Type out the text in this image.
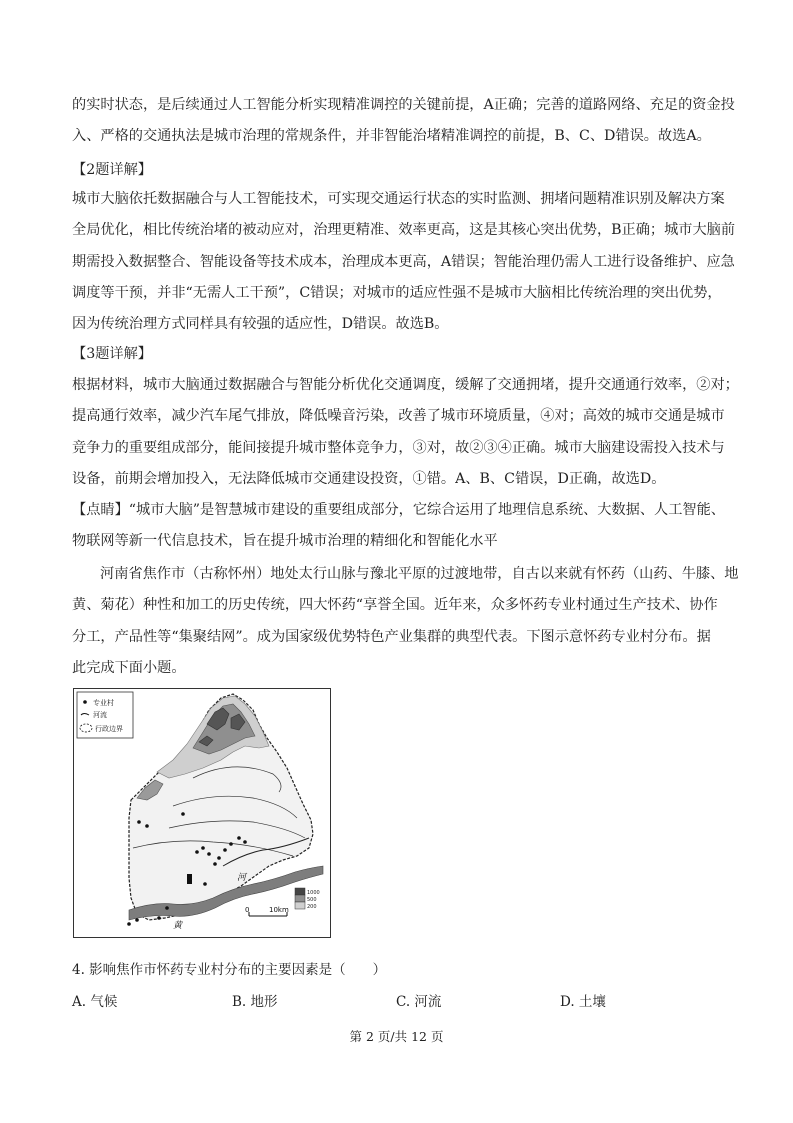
的实时状态，是后续通过人工智能分析实现精准调控的关键前提，A正确；完善的道路网络、充足的资金投
入、严格的交通执法是城市治理的常规条件，并非智能治堵精准调控的前提，B、C、D错误。故选A。

【2题详解】

城市大脑依托数据融合与人工智能技术，可实现交通运行状态的实时监测、拥堵问题精准识别及解决方案
全局优化，相比传统治堵的被动应对，治理更精准、效率更高，这是其核心突出优势，B正确；城市大脑前
期需投入数据整合、智能设备等技术成本，治理成本更高，A错误；智能治理仍需人工进行设备维护、应急
调度等干预，并非“无需人工干预”，C错误；对城市的适应性强不是城市大脑相比传统治理的突出优势，
因为传统治理方式同样具有较强的适应性，D错误。故选B。

【3题详解】

根据材料，城市大脑通过数据融合与智能分析优化交通调度，缓解了交通拥堵，提升交通通行效率，②对；
提高通行效率，减少汽车尾气排放，降低噪音污染，改善了城市环境质量，④对；高效的城市交通是城市
竞争力的重要组成部分，能间接提升城市整体竞争力，③对，故②③④正确。城市大脑建设需投入技术与
设备，前期会增加投入，无法降低城市交通建设投资，①错。A、B、C错误，D正确，故选D。
【点睛】“城市大脑”是智慧城市建设的重要组成部分，它综合运用了地理信息系统、大数据、人工智能、
物联网等新一代信息技术，旨在提升城市治理的精细化和智能化水平

河南省焦作市（古称怀州）地处太行山脉与豫北平原的过渡地带，自古以来就有怀药（山药、牛膝、地
黄、菊花）种性和加工的历史传统，四大怀药“享誉全国。近年来，众多怀药专业村通过生产技术、协作
分工，产品性等“集聚结网”。成为国家级优势特色产业集群的典型代表。下图示意怀药专业村分布。据
此完成下面小题。

专业村
河流
行政边界
河
黄
1000
500
200
0	10km

4. 影响焦作市怀药专业村分布的主要因素是（　　）

A. 气候	B. 地形	C. 河流	D. 土壤
第 2 页/共 12 页
